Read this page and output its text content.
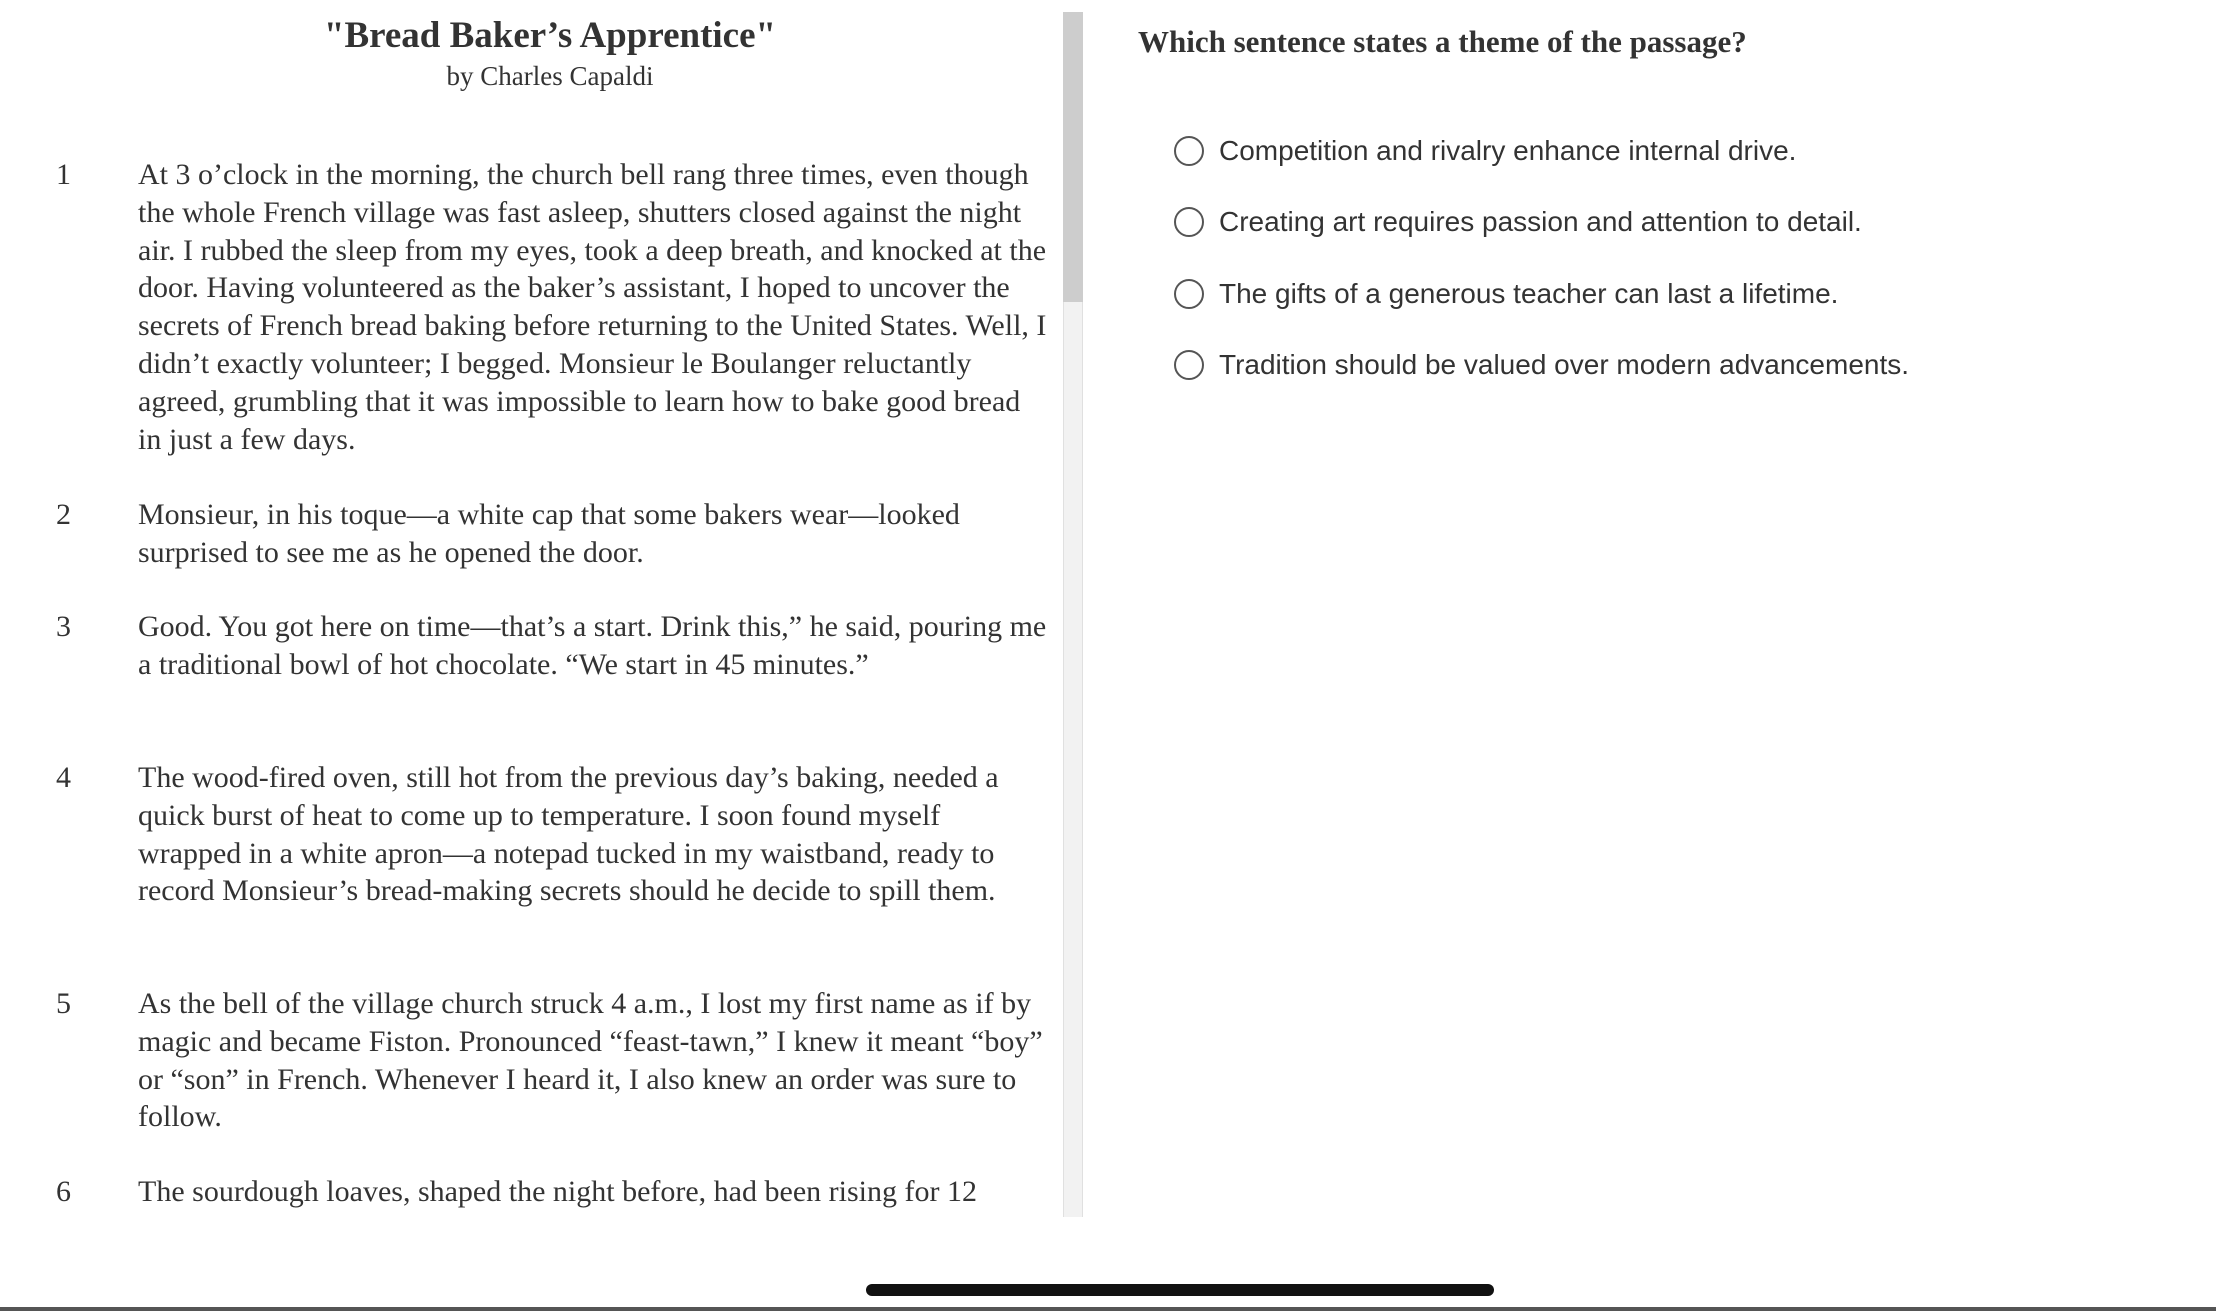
"Bread Baker’s Apprentice"
by Charles Capaldi
1 At 3 o’clock in the morning, the church bell rang three times, even though the whole French village was fast asleep, shutters closed against the night air. I rubbed the sleep from my eyes, took a deep breath, and knocked at the door. Having volunteered as the baker’s assistant, I hoped to uncover the secrets of French bread baking before returning to the United States. Well, I didn’t exactly volunteer; I begged. Monsieur le Boulanger reluctantly agreed, grumbling that it was impossible to learn how to bake good bread in just a few days.

2 Monsieur, in his toque—a white cap that some bakers wear—looked surprised to see me as he opened the door.

3 Good. You got here on time—that’s a start. Drink this,” he said, pouring me a traditional bowl of hot chocolate. “We start in 45 minutes.”

4 The wood-fired oven, still hot from the previous day’s baking, needed a quick burst of heat to come up to temperature. I soon found myself wrapped in a white apron—a notepad tucked in my waistband, ready to record Monsieur’s bread-making secrets should he decide to spill them.

5 As the bell of the village church struck 4 a.m., I lost my first name as if by magic and became Fiston. Pronounced “feast-tawn,” I knew it meant “boy” or “son” in French. Whenever I heard it, I also knew an order was sure to follow.

6 The sourdough loaves, shaped the night before, had been rising for 12

Which sentence states a theme of the passage?
Competition and rivalry enhance internal drive.
Creating art requires passion and attention to detail.
The gifts of a generous teacher can last a lifetime.
Tradition should be valued over modern advancements.
